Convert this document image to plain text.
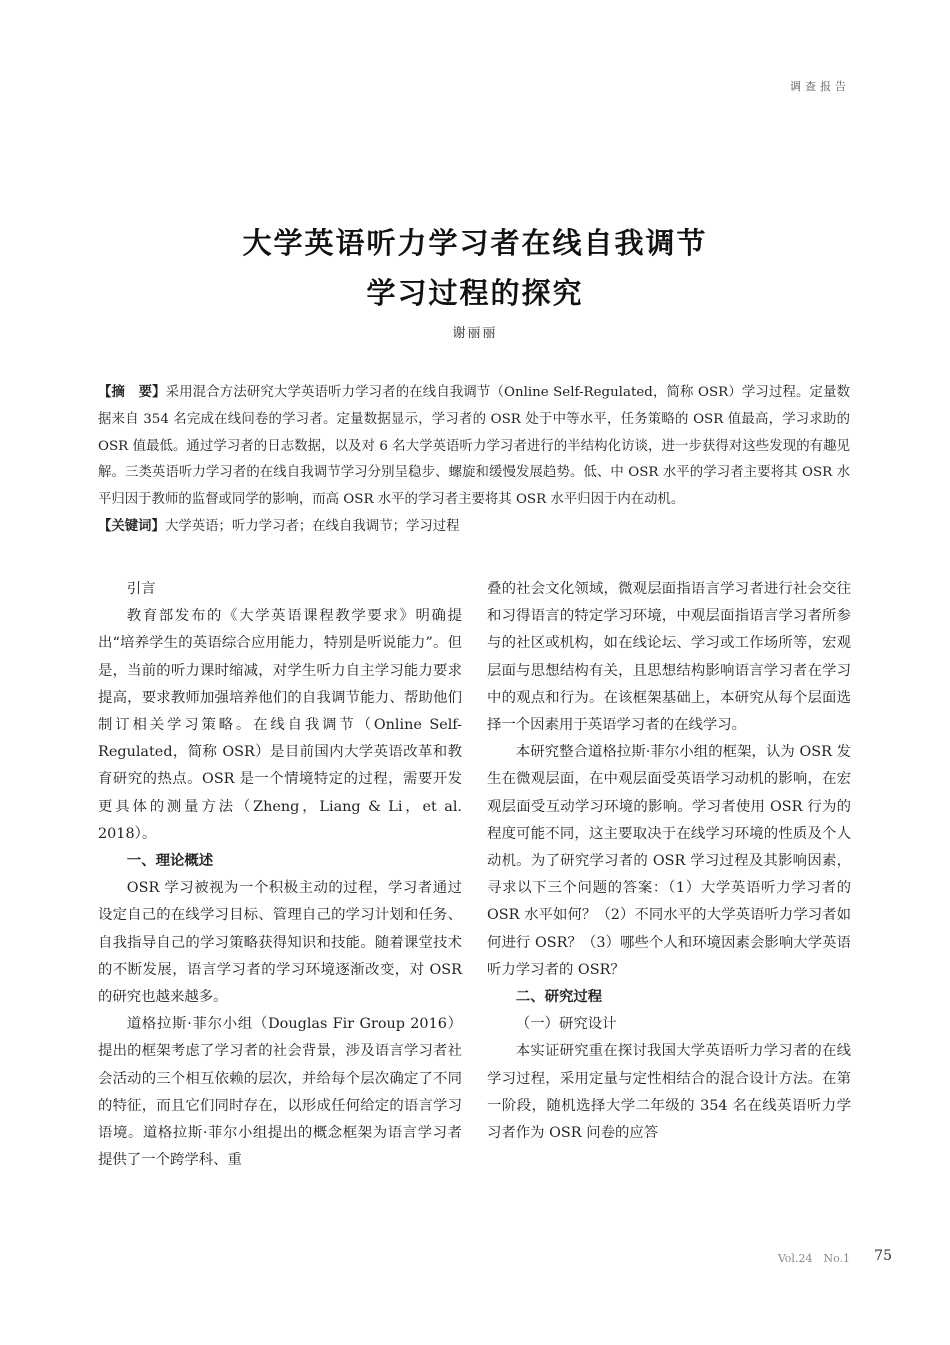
调查报告
大学英语听力学习者在线自我调节
学习过程的探究
谢丽丽

【摘　要】采用混合方法研究大学英语听力学习者的在线自我调节（Online Self-Regulated，简称 OSR）学习过程。定量数据来自 354 名完成在线问卷的学习者。定量数据显示，学习者的 OSR 处于中等水平，任务策略的 OSR 值最高，学习求助的 OSR 值最低。通过学习者的日志数据，以及对 6 名大学英语听力学习者进行的半结构化访谈，进一步获得对这些发现的有趣见解。三类英语听力学习者的在线自我调节学习分别呈稳步、螺旋和缓慢发展趋势。低、中 OSR 水平的学习者主要将其 OSR 水平归因于教师的监督或同学的影响，而高 OSR 水平的学习者主要将其 OSR 水平归因于内在动机。

【关键词】大学英语；听力学习者；在线自我调节；学习过程

引言

教育部发布的《大学英语课程教学要求》明确提出“培养学生的英语综合应用能力，特别是听说能力”。但是，当前的听力课时缩减，对学生听力自主学习能力要求提高，要求教师加强培养他们的自我调节能力、帮助他们制订相关学习策略。在线自我调节（Online Self-Regulated，简称 OSR）是目前国内大学英语改革和教育研究的热点。OSR 是一个情境特定的过程，需要开发更具体的测量方法（Zheng，Liang & Li，et al. 2018）。

一、理论概述

OSR 学习被视为一个积极主动的过程，学习者通过设定自己的在线学习目标、管理自己的学习计划和任务、自我指导自己的学习策略获得知识和技能。随着课堂技术的不断发展，语言学习者的学习环境逐渐改变，对 OSR 的研究也越来越多。

道格拉斯·菲尔小组（Douglas Fir Group 2016）提出的框架考虑了学习者的社会背景，涉及语言学习者社会活动的三个相互依赖的层次，并给每个层次确定了不同的特征，而且它们同时存在，以形成任何给定的语言学习语境。道格拉斯·菲尔小组提出的概念框架为语言学习者提供了一个跨学科、重

叠的社会文化领域，微观层面指语言学习者进行社会交往和习得语言的特定学习环境，中观层面指语言学习者所参与的社区或机构，如在线论坛、学习或工作场所等，宏观层面与思想结构有关，且思想结构影响语言学习者在学习中的观点和行为。在该框架基础上，本研究从每个层面选择一个因素用于英语学习者的在线学习。

本研究整合道格拉斯·菲尔小组的框架，认为 OSR 发生在微观层面，在中观层面受英语学习动机的影响，在宏观层面受互动学习环境的影响。学习者使用 OSR 行为的程度可能不同，这主要取决于在线学习环境的性质及个人动机。为了研究学习者的 OSR 学习过程及其影响因素，寻求以下三个问题的答案：（1）大学英语听力学习者的 OSR 水平如何？（2）不同水平的大学英语听力学习者如何进行 OSR？（3）哪些个人和环境因素会影响大学英语听力学习者的 OSR？

二、研究过程
（一）研究设计

本实证研究重在探讨我国大学英语听力学习者的在线学习过程，采用定量与定性相结合的混合设计方法。在第一阶段，随机选择大学二年级的 354 名在线英语听力学习者作为 OSR 问卷的应答

Vol.24　No.1 75
